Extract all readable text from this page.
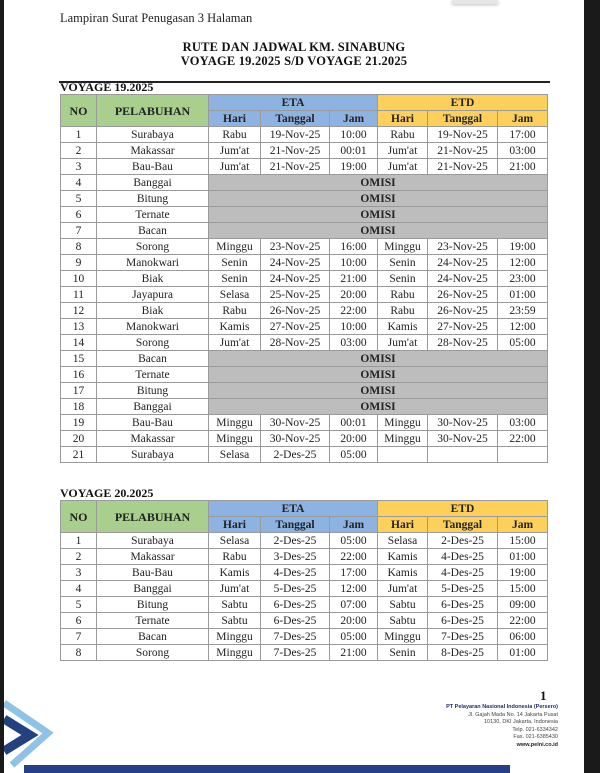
Lampiran Surat Penugasan 3 Halaman
RUTE DAN JADWAL KM. SINABUNG
VOYAGE 19.2025 S/D VOYAGE 21.2025
VOYAGE 19.2025
NO	PELABUHAN	ETA			ETD		
		Hari	Tanggal	Jam	Hari	Tanggal	Jam
1	Surabaya	Rabu	19-Nov-25	10:00	Rabu	19-Nov-25	17:00
2	Makassar	Jum'at	21-Nov-25	00:01	Jum'at	21-Nov-25	03:00
3	Bau-Bau	Jum'at	21-Nov-25	19:00	Jum'at	21-Nov-25	21:00
4	Banggai	OMISI					
5	Bitung	OMISI					
6	Ternate	OMISI					
7	Bacan	OMISI					
8	Sorong	Minggu	23-Nov-25	16:00	Minggu	23-Nov-25	19:00
9	Manokwari	Senin	24-Nov-25	10:00	Senin	24-Nov-25	12:00
10	Biak	Senin	24-Nov-25	21:00	Senin	24-Nov-25	23:00
11	Jayapura	Selasa	25-Nov-25	20:00	Rabu	26-Nov-25	01:00
12	Biak	Rabu	26-Nov-25	22:00	Rabu	26-Nov-25	23:59
13	Manokwari	Kamis	27-Nov-25	10:00	Kamis	27-Nov-25	12:00
14	Sorong	Jum'at	28-Nov-25	03:00	Jum'at	28-Nov-25	05:00
15	Bacan	OMISI					
16	Ternate	OMISI					
17	Bitung	OMISI					
18	Banggai	OMISI					
19	Bau-Bau	Minggu	30-Nov-25	00:01	Minggu	30-Nov-25	03:00
20	Makassar	Minggu	30-Nov-25	20:00	Minggu	30-Nov-25	22:00
21	Surabaya	Selasa	2-Des-25	05:00			
VOYAGE 20.2025
NO	PELABUHAN	ETA			ETD		
		Hari	Tanggal	Jam	Hari	Tanggal	Jam
1	Surabaya	Selasa	2-Des-25	05:00	Selasa	2-Des-25	15:00
2	Makassar	Rabu	3-Des-25	22:00	Kamis	4-Des-25	01:00
3	Bau-Bau	Kamis	4-Des-25	17:00	Kamis	4-Des-25	19:00
4	Banggai	Jum'at	5-Des-25	12:00	Jum'at	5-Des-25	15:00
5	Bitung	Sabtu	6-Des-25	07:00	Sabtu	6-Des-25	09:00
6	Ternate	Sabtu	6-Des-25	20:00	Sabtu	6-Des-25	22:00
7	Bacan	Minggu	7-Des-25	05:00	Minggu	7-Des-25	06:00
8	Sorong	Minggu	7-Des-25	21:00	Senin	8-Des-25	01:00
1
PT Pelayaran Nasional Indonesia (Persero)
Jl. Gajah Mada No. 14 Jakarta Pusat
10130, DKI Jakarta, Indonesia
Telp. 021-6334342
Fax. 021-6385430
www.pelni.co.id
